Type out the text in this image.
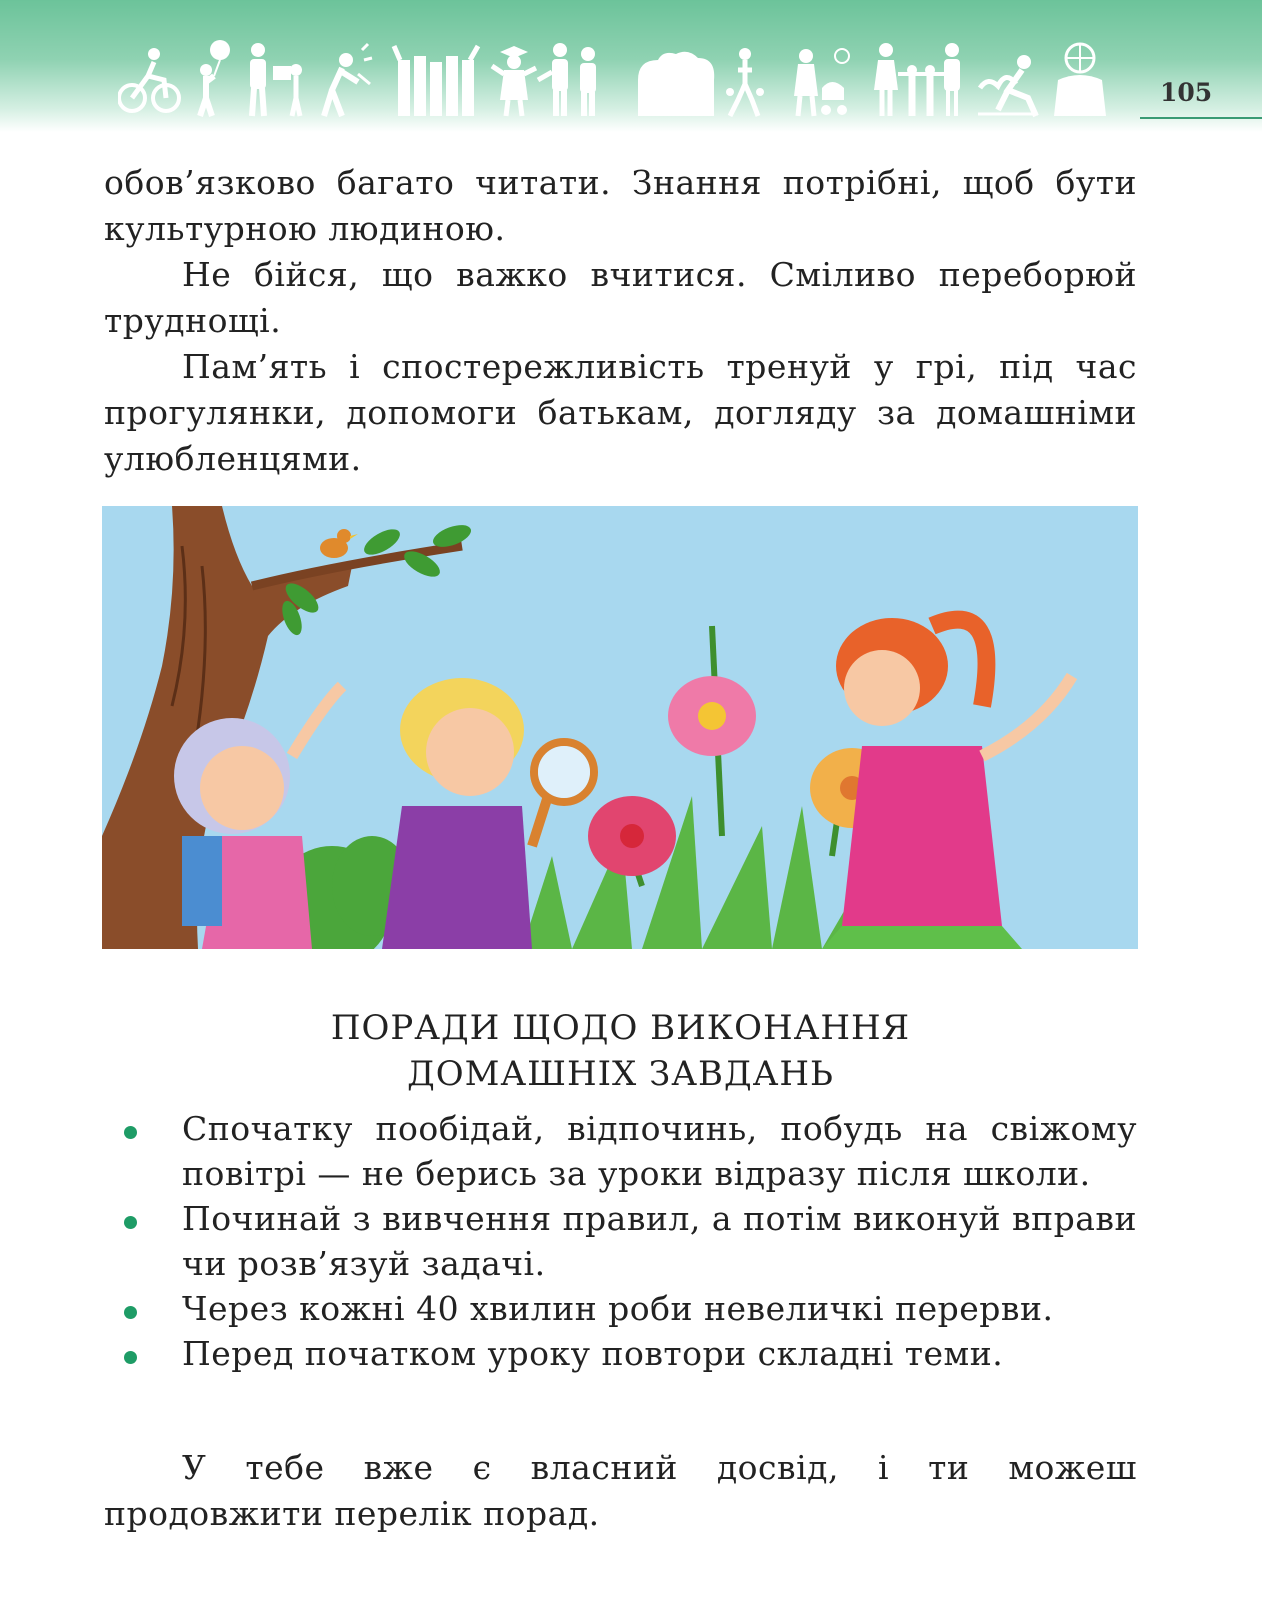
105

обов’язково багато читати. Знання потрібні, щоб бути культурною людиною.

Не бійся, що важко вчитися. Сміливо переборюй труднощі.

Пам’ять і спостережливість тренуй у грі, під час прогулянки, допомоги батькам, догляду за домашніми улюбленцями.

ПОРАДИ ЩОДО ВИКОНАННЯ
ДОМАШНІХ ЗАВДАНЬ
Спочатку пообідай, відпочинь, побудь на свіжому повітрі — не берись за уроки відразу після школи.
Починай з вивчення правил, а потім виконуй вправи чи розв’язуй задачі.
Через кожні 40 хвилин роби невеличкі перерви.
Перед початком уроку повтори складні теми.

У тебе вже є власний досвід, і ти можеш продовжити перелік порад.
